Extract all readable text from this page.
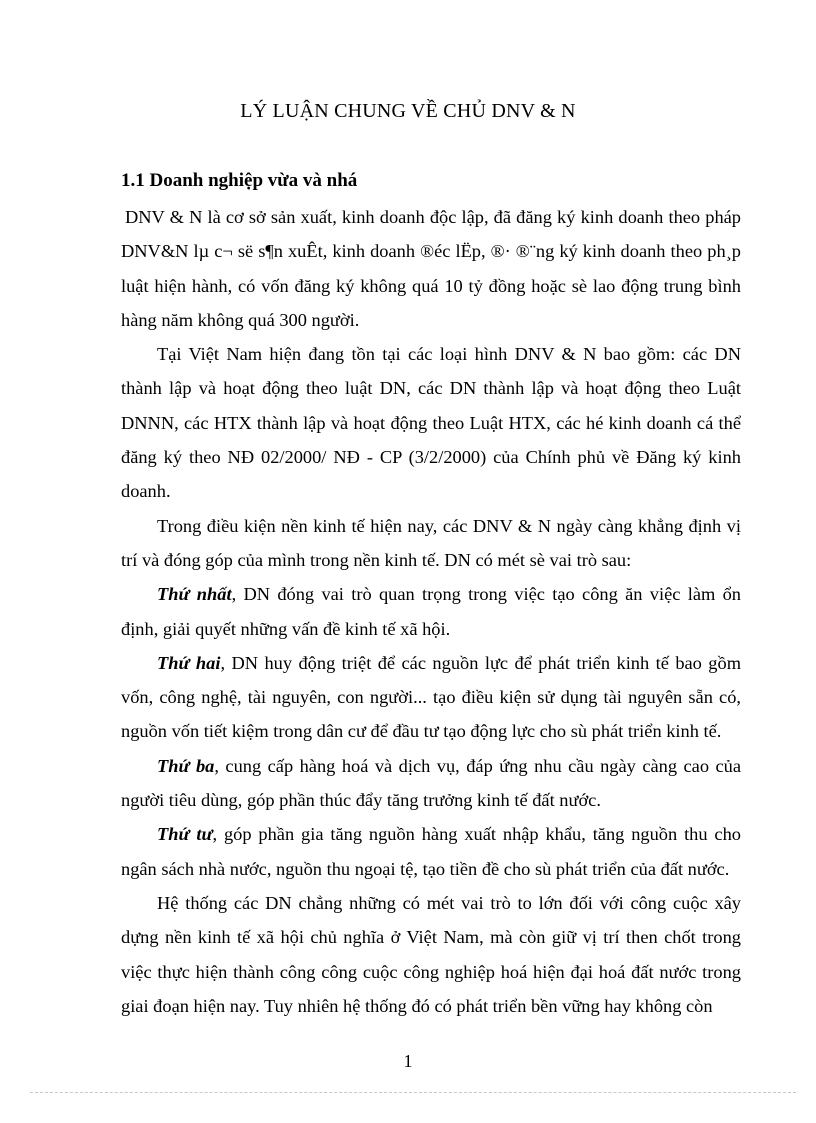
LÝ LUẬN CHUNG VỀ CHỦ DNV & N
1.1 Doanh nghiệp vừa và nhá

DNV & N là cơ sở sản xuất, kinh doanh độc lập, đã đăng ký kinh doanh theo pháp DNV&N lµ c¬ së s¶n xuÊt, kinh doanh ®éc lËp, ®· ®¨ng ký kinh doanh theo ph¸p luật hiện hành, có vốn đăng ký không quá 10 tỷ đồng hoặc sè lao động trung bình hàng năm không quá 300 người.

Tại Việt Nam hiện đang tồn tại các loại hình DNV & N bao gồm: các DN thành lập và hoạt động theo luật DN, các DN thành lập và hoạt động theo Luật DNNN, các HTX thành lập và hoạt động theo Luật HTX, các hé kinh doanh cá thể đăng ký theo NĐ 02/2000/ NĐ - CP (3/2/2000) của Chính phủ về Đăng ký kinh doanh.

Trong điều kiện nền kinh tế hiện nay, các DNV & N ngày càng khẳng định vị trí và đóng góp của mình trong nền kinh tế. DN có mét sè vai trò sau:

Thứ nhất, DN đóng vai trò quan trọng trong việc tạo công ăn việc làm ổn định, giải quyết những vấn đề kinh tế xã hội.

Thứ hai, DN huy động triệt để các nguồn lực để phát triển kinh tế bao gồm vốn, công nghệ, tài nguyên, con người... tạo điều kiện sử dụng tài nguyên sẵn có, nguồn vốn tiết kiệm trong dân cư để đầu tư tạo động lực cho sù phát triển kinh tế.

Thứ ba, cung cấp hàng hoá và dịch vụ, đáp ứng nhu cầu ngày càng cao của người tiêu dùng, góp phần thúc đẩy tăng trưởng kinh tế đất nước.

Thứ tư, góp phần gia tăng nguồn hàng xuất nhập khẩu, tăng nguồn thu cho ngân sách nhà nước, nguồn thu ngoại tệ, tạo tiền đề cho sù phát triển của đất nước.

Hệ thống các DN chẳng những có mét vai trò to lớn đối với công cuộc xây dựng nền kinh tế xã hội chủ nghĩa ở Việt Nam, mà còn giữ vị trí then chốt trong việc thực hiện thành công công cuộc công nghiệp hoá hiện đại hoá đất nước trong giai đoạn hiện nay. Tuy nhiên hệ thống đó có phát triển bền vững hay không còn

1
